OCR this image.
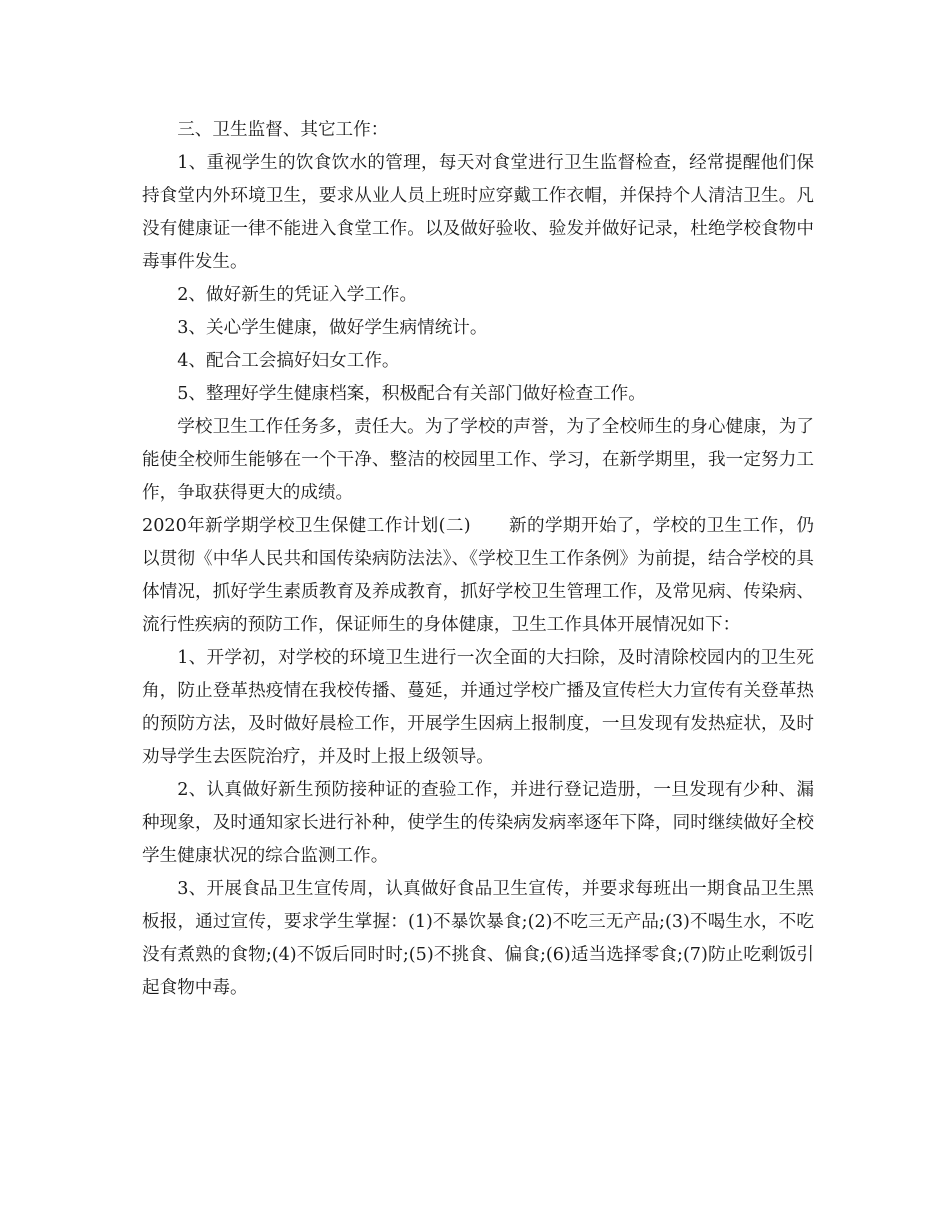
三、卫生监督、其它工作：

1、重视学生的饮食饮水的管理，每天对食堂进行卫生监督检查，经常提醒他们保持食堂内外环境卫生，要求从业人员上班时应穿戴工作衣帽，并保持个人清洁卫生。凡没有健康证一律不能进入食堂工作。以及做好验收、验发并做好记录，杜绝学校食物中毒事件发生。

2、做好新生的凭证入学工作。

3、关心学生健康，做好学生病情统计。

4、配合工会搞好妇女工作。

5、整理好学生健康档案，积极配合有关部门做好检查工作。

学校卫生工作任务多，责任大。为了学校的声誉，为了全校师生的身心健康，为了能使全校师生能够在一个干净、整洁的校园里工作、学习，在新学期里，我一定努力工作，争取获得更大的成绩。

2020年新学期学校卫生保健工作计划(二) 新的学期开始了，学校的卫生工作，仍以贯彻《中华人民共和国传染病防法法》、《学校卫生工作条例》为前提，结合学校的具体情况，抓好学生素质教育及养成教育，抓好学校卫生管理工作，及常见病、传染病、流行性疾病的预防工作，保证师生的身体健康，卫生工作具体开展情况如下：

1、开学初，对学校的环境卫生进行一次全面的大扫除，及时清除校园内的卫生死角，防止登革热疫情在我校传播、蔓延，并通过学校广播及宣传栏大力宣传有关登革热的预防方法，及时做好晨检工作，开展学生因病上报制度，一旦发现有发热症状，及时劝导学生去医院治疗，并及时上报上级领导。

2、认真做好新生预防接种证的查验工作，并进行登记造册，一旦发现有少种、漏种现象，及时通知家长进行补种，使学生的传染病发病率逐年下降，同时继续做好全校学生健康状况的综合监测工作。

3、开展食品卫生宣传周，认真做好食品卫生宣传，并要求每班出一期食品卫生黑板报，通过宣传，要求学生掌握：(1)不暴饮暴食;(2)不吃三无产品;(3)不喝生水，不吃没有煮熟的食物;(4)不饭后同时时;(5)不挑食、偏食;(6)适当选择零食;(7)防止吃剩饭引起食物中毒。
